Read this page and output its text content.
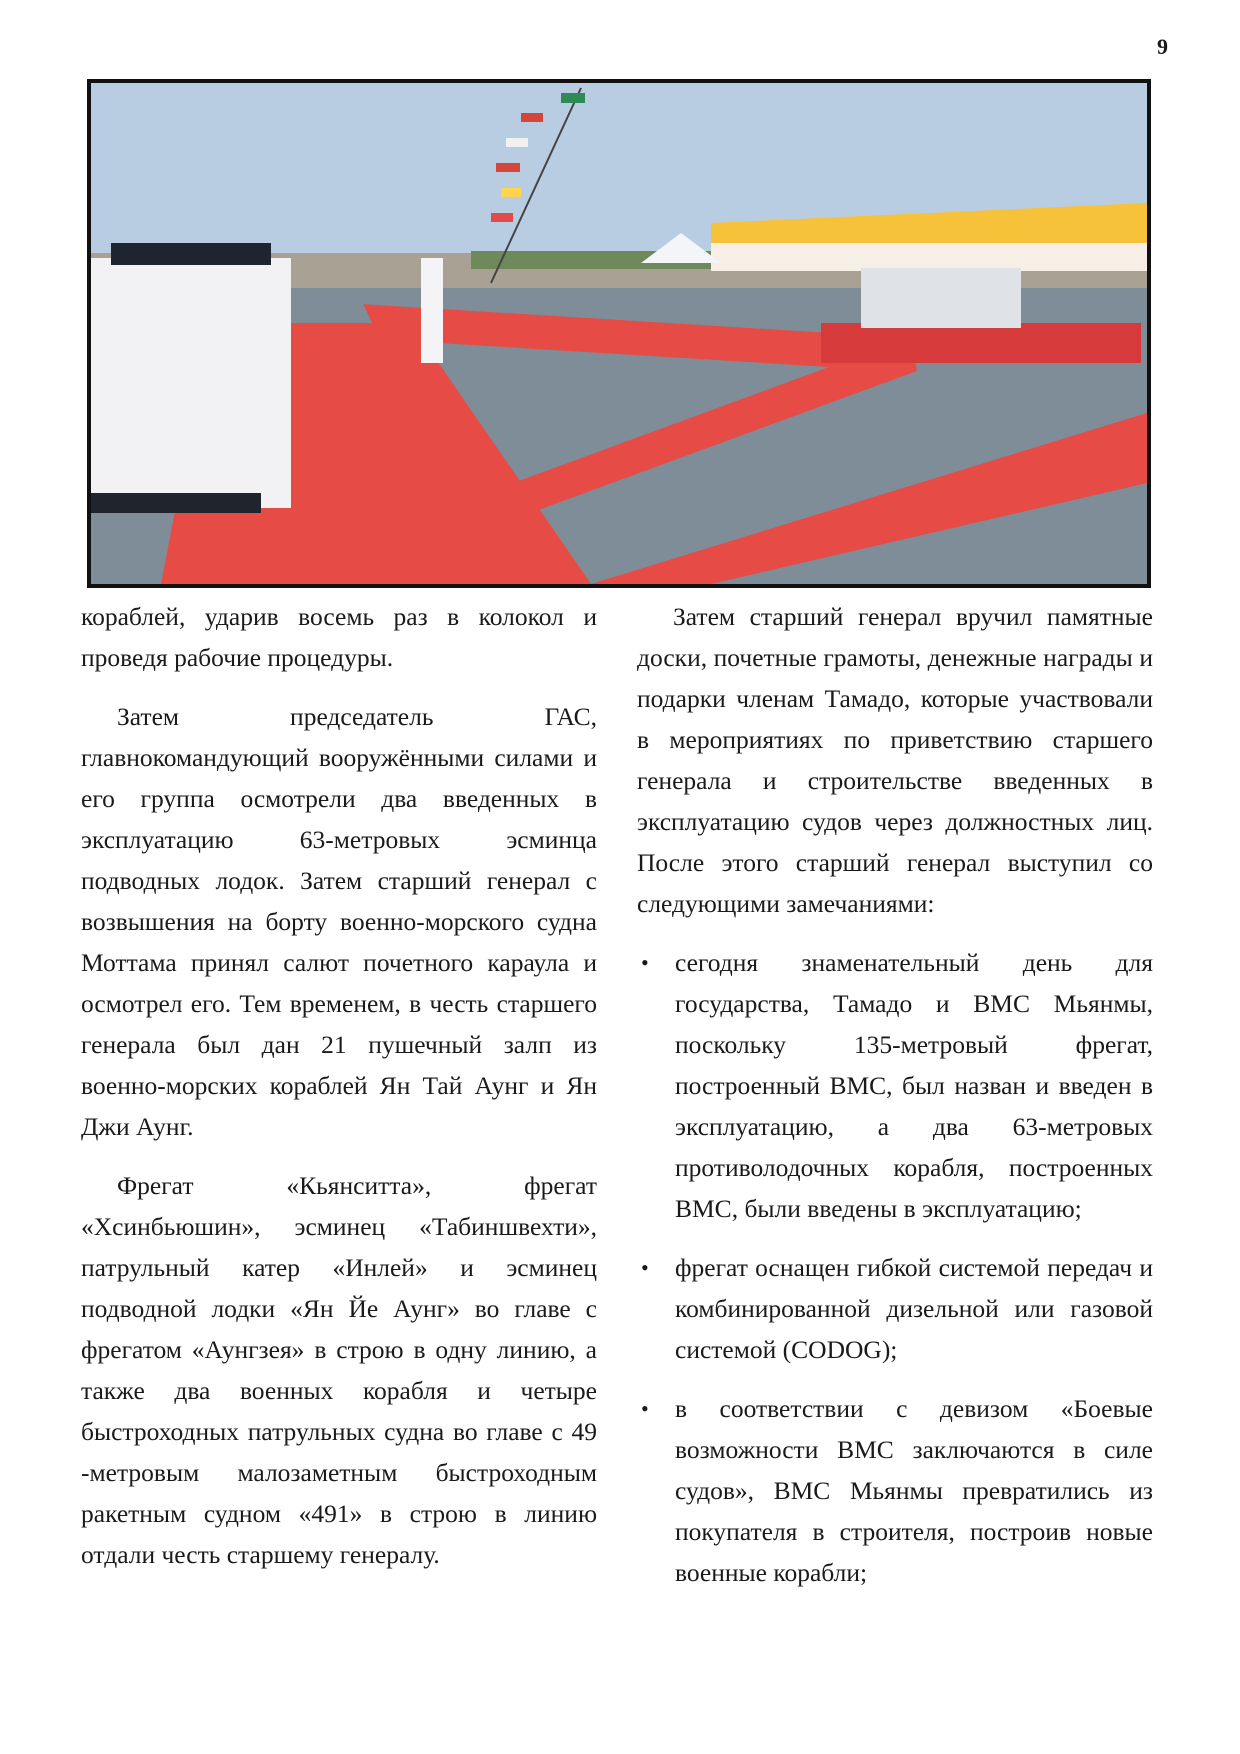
9

кораблей, ударив восемь раз в колокол и проведя рабочие процедуры.

Затем председатель ГАС, главнокомандующий вооружёнными силами и его группа осмотрели два введенных в эксплуатацию 63-метровых эсминца подводных лодок. Затем старший генерал с возвышения на борту военно-морского судна Моттама принял салют почетного караула и осмотрел его. Тем временем, в честь старшего генерала был дан 21 пушечный залп из военно-морских кораблей Ян Тай Аунг и Ян Джи Аунг.

Фрегат «Кьянситта», фрегат «Хсинбьюшин», эсминец «Табиншвехти», патрульный катер «Инлей» и эсминец подводной лодки «Ян Йе Аунг» во главе с фрегатом «Аунгзея» в строю в одну линию, а также два военных корабля и четыре быстроходных патрульных судна во главе с 49 -метровым малозаметным быстроходным ракетным судном «491» в строю в линию отдали честь старшему генералу.

Затем старший генерал вручил памятные доски, почетные грамоты, денежные награды и подарки членам Тамадо, которые участвовали в мероприятиях по приветствию старшего генерала и строительстве введенных в эксплуатацию судов через должностных лиц. После этого старший генерал выступил со следующими замечаниями:

• сегодня знаменательный день для государства, Тамадо и ВМС Мьянмы, поскольку 135-метровый фрегат, построенный ВМС, был назван и введен в эксплуатацию, а два 63-метровых противолодочных корабля, построенных ВМС, были введены в эксплуатацию;
• фрегат оснащен гибкой системой передач и комбинированной дизельной или газовой системой (CODOG);
• в соответствии с девизом «Боевые возможности ВМС заключаются в силе судов», ВМС Мьянмы превратились из покупателя в строителя, построив новые военные корабли;
